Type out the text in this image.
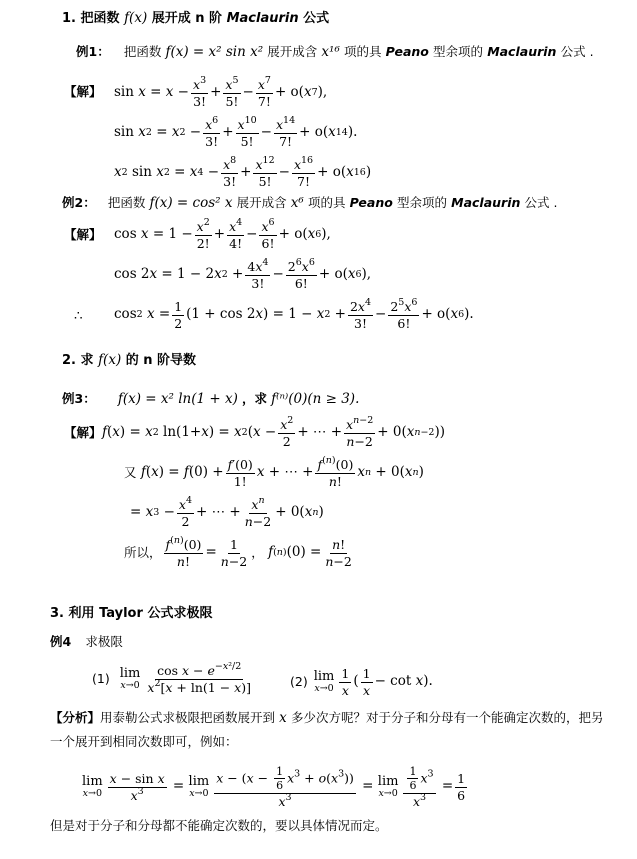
1. 把函数 f(x) 展开成 n 阶 Maclaurin 公式
例1： 把函数 f(x) = x² sin x² 展开成含 x¹⁶ 项的具 Peano 型余项的 Maclaurin 公式 .
【解】 $\sin x = x - \frac{x^3}{3!} + \frac{x^5}{5!} - \frac{x^7}{7!} + o$( x 7 ),
sin x 2 = x $2 - \frac{x^6}{3!} + \frac{x^{10}}{5!} - \frac{x^{14}}{7!} + o$( x 14 ).
x 2 sin x 2 = x $4 - \frac{x^8}{3!} + \frac{x^{12}}{5!} - \frac{x^{16}}{7!} + o$( x 16 )
例2： 把函数 f(x) = cos² x 展开成含 x⁶ 项的具 Peano 型余项的 Maclaurin 公式 .
【解】 $\cos x = 1 - \frac{x^2}{2!} + \frac{x^4}{4!} - \frac{x^6}{6!} + o$( x 6 ),
cos 2 x = 1 − 2 x $2 + \frac{4x^4}{3!} - \frac{2^6x^6}{6!} + o$( x 6 ),
∴ cos 2
$x = \frac{1}{2} (1 + \cos 2$ x ) = 1 − x $2 + \frac{2x^4}{3!} - \frac{2^5x^6}{6!} + o$( x 6 ).
2. 求 f(x) 的 n 阶导数
例3： f(x) = x² ln(1 + x) ，求 f⁽ⁿ⁾(0)(n ≥ 3).
【解】 f ( x ) = x 2 ln(1+ x ) = x 2 ( $x - \frac{x^2}{2}$ + ⋯ + $\frac{x^{n-2}}{n-2} + 0$( x n−2 ))
又
f ( x ) = f $(0) + \frac{f'(0)}{1!}$ x + ⋯ + $\frac{f^{(n)}(0)}{n!}$ x n + 0( x n )
= x $3 - \frac{x^4}{2}$ + ⋯ + $\frac{x^n}{n-2} + 0$( x n )
所以， $\frac{f^{(n)}(0)}{n!} = \frac{1}{n-2}$ ，
f (n) $(0) = \frac{n!}{n-2}$
3. 利用 Taylor 公式求极限
例4 求极限
(1) lim
$x\to 0 \frac{\cos x - e^{-x^2/2}}{x^2[x + \ln(1 - x)]}$	(2) lim
$x\to 0 \frac{1}{x}$ ( $\frac{1}{x} - \cot x$ ).
【分析】用泰勒公式求极限把函数展开到 x 多少次方呢？对于分子和分母有一个能确定次数的，把另
一个展开到相同次数即可，例如：
lim
$x\to 0 \frac{\text{x − sin x}}{x^3} = \lim$
$x\to 0 \frac{x - (x - \frac{1}{6} x^3 + o(x^3))}{x^3} = \lim$
$x\to 0 \frac{\frac{1}{6} x^3}{x^3} = \frac{1}{6}$
但是对于分子和分母都不能确定次数的，要以具体情况而定。
